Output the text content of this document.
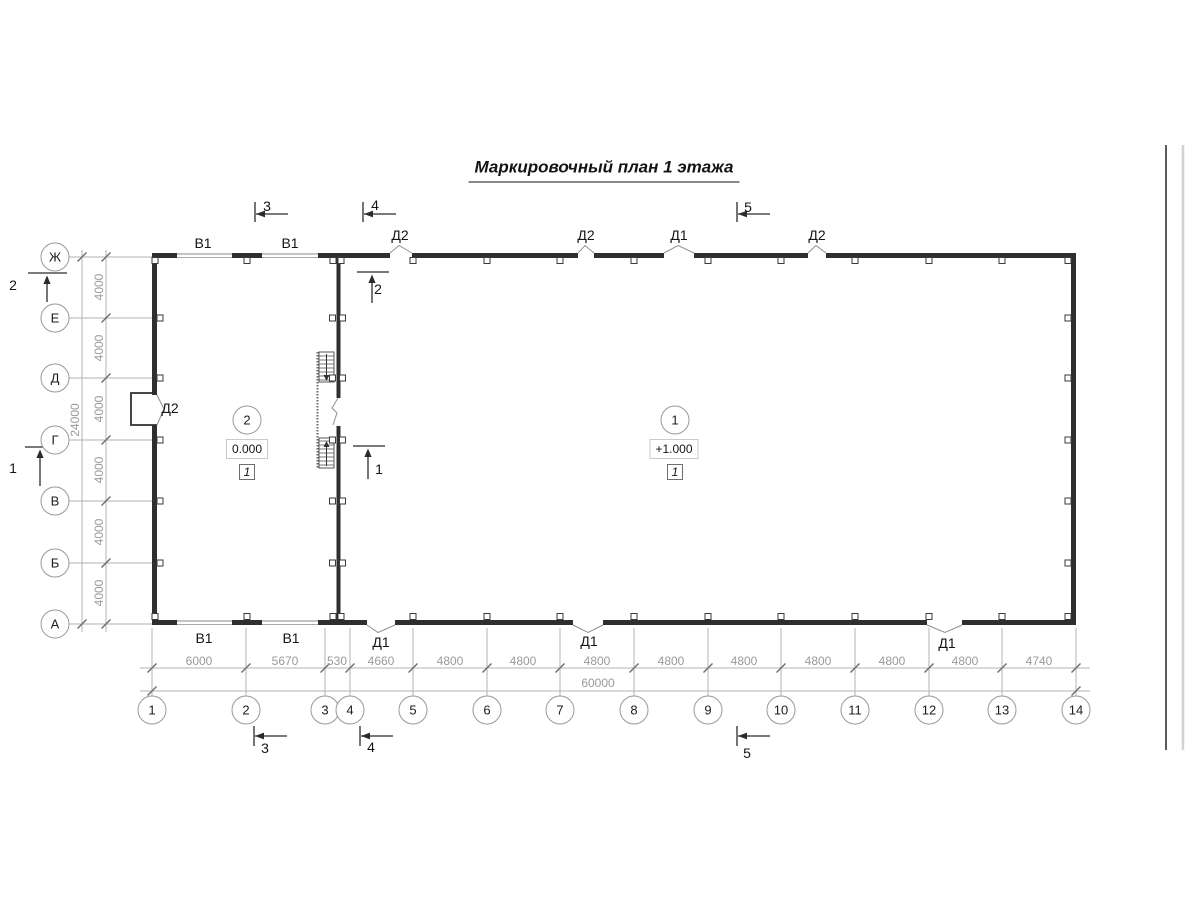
Маркировочный план 1 этажа
Ж
Е
Д
Г
В
Б
А
1	2	3 4	5	6	7	8	9	10	11	12	13	14
6000	5670 530 4660	4800	4800	4800	4800	4800	4800	4800	4800	4740
60000
4000
4000
4000
4000
4000
4000
24000
В1	В1	Д2	Д2	Д1	Д2
В1	В1	Д1	Д1	Д1
Д2
3	4	5
3	4	5
2
1
2
1
2
0.000
1
1
+1.000
1
